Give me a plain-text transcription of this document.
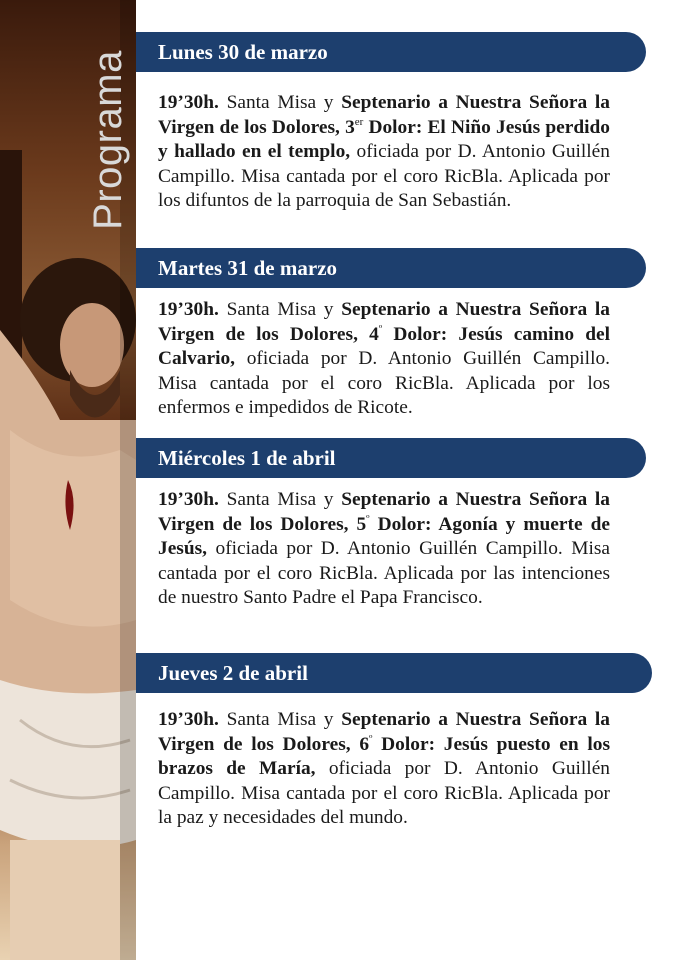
Programa	Lunes 30 de marzo
19’30h. Santa Misa y Septenario a Nuestra Señora la Virgen de los Dolores, 3er Dolor: El Niño Jesús perdido y hallado en el templo, oficiada por D. Antonio Guillén Campillo. Misa cantada por el coro RicBla. Aplicada por los difuntos de la parroquia de San Sebastián.
Martes 31 de marzo
19’30h. Santa Misa y Septenario a Nuestra Señora la Virgen de los Dolores, $4^º$ Dolor: Jesús camino del Calvario, oficiada por D. Antonio Guillén Campillo. Misa cantada por el coro RicBla. Aplicada por los enfermos e impedidos de Ricote.
Miércoles 1 de abril
19’30h. Santa Misa y Septenario a Nuestra Señora la Virgen de los Dolores, $5^º$ Dolor: Agonía y muerte de Jesús, oficiada por D. Antonio Guillén Campillo. Misa cantada por el coro RicBla. Aplicada por las intenciones de nuestro Santo Padre el Papa Francisco.
Jueves 2 de abril
19’30h. Santa Misa y Septenario a Nuestra Señora la Virgen de los Dolores, $6^º$ Dolor: Jesús puesto en los brazos de María, oficiada por D. Antonio Guillén Campillo. Misa cantada por el coro RicBla. Aplicada por la paz y necesidades del mundo.
